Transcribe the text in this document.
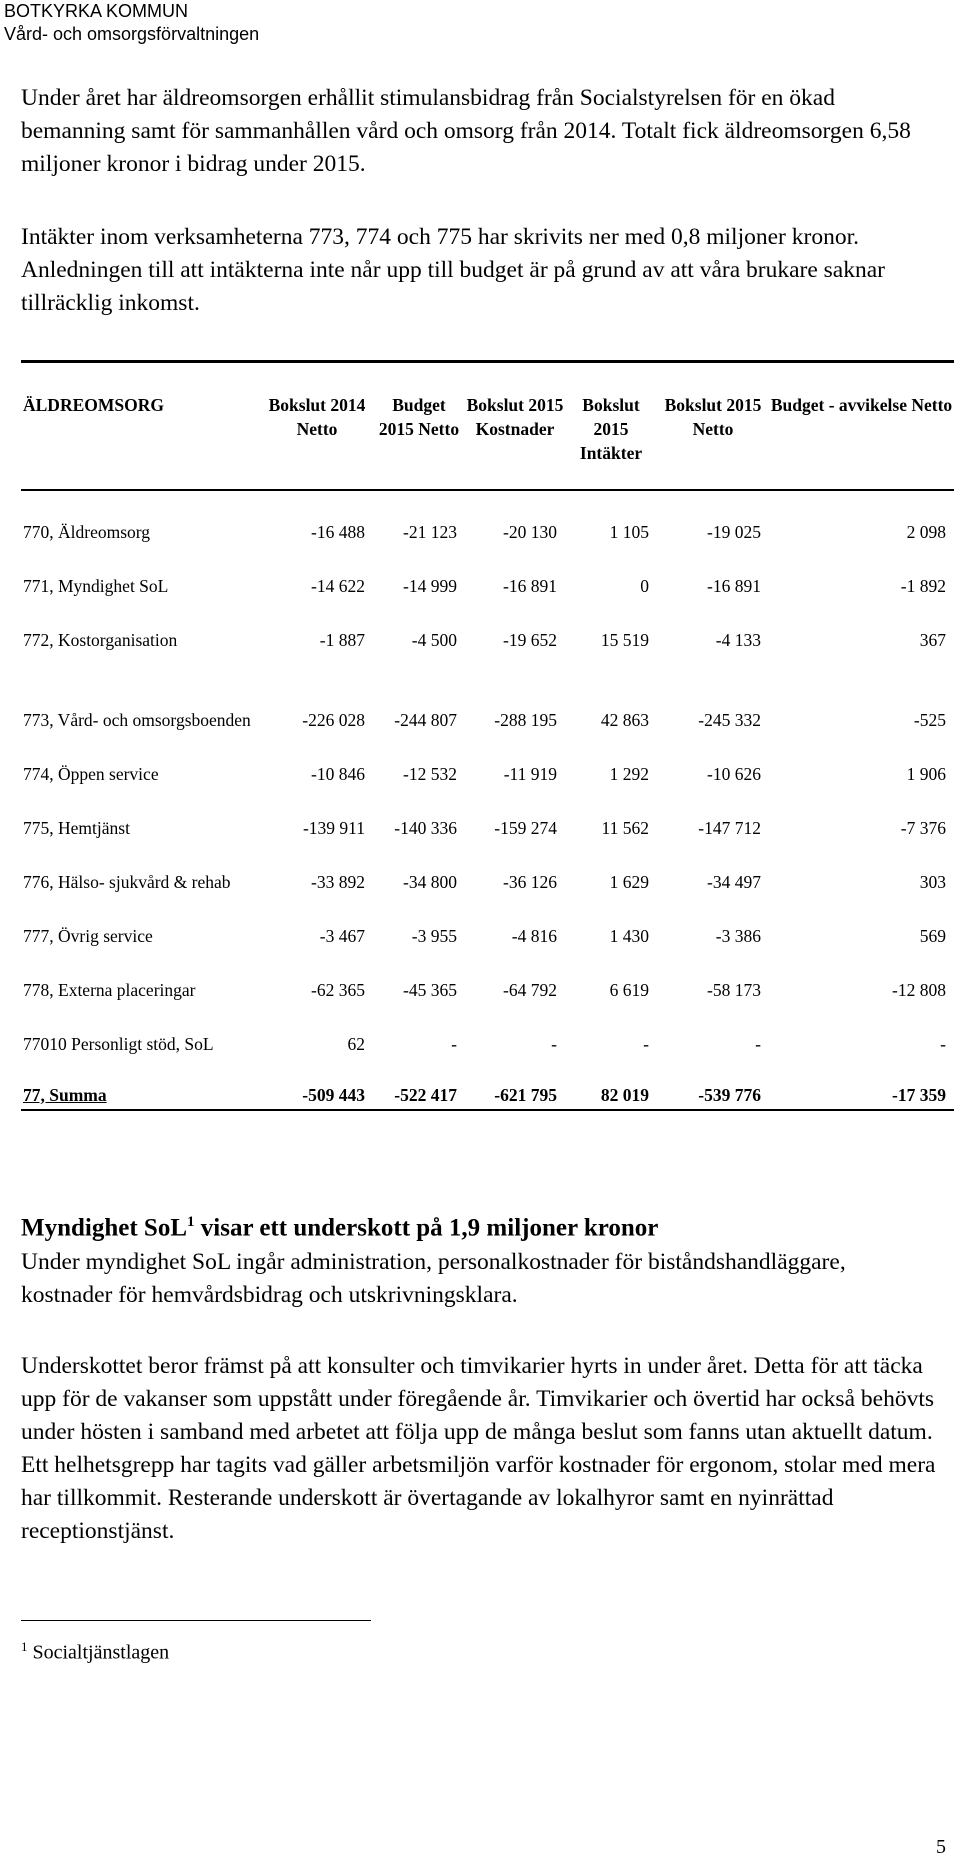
BOTKYRKA KOMMUN
Vård- och omsorgsförvaltningen

Under året har äldreomsorgen erhållit stimulansbidrag från Socialstyrelsen för en ökad bemanning samt för sammanhållen vård och omsorg från 2014. Totalt fick äldreomsorgen 6,58 miljoner kronor i bidrag under 2015.

Intäkter inom verksamheterna 773, 774 och 775 har skrivits ner med 0,8 miljoner kronor. Anledningen till att intäkterna inte når upp till budget är på grund av att våra brukare saknar tillräcklig inkomst.

ÄLDREOMSORG	Bokslut 2014 Netto	Budget 2015 Netto	Bokslut 2015 Kostnader	Bokslut 2015 Intäkter	Bokslut 2015 Netto	Budget - avvikelse Netto
770, Äldreomsorg	-16 488	-21 123	-20 130	1 105	-19 025	2 098
771, Myndighet SoL	-14 622	-14 999	-16 891	0	-16 891	-1 892
772, Kostorganisation	-1 887	-4 500	-19 652	15 519	-4 133	367
773, Vård- och omsorgsboenden	-226 028	-244 807	-288 195	42 863	-245 332	-525
774, Öppen service	-10 846	-12 532	-11 919	1 292	-10 626	1 906
775, Hemtjänst	-139 911	-140 336	-159 274	11 562	-147 712	-7 376
776, Hälso- sjukvård & rehab	-33 892	-34 800	-36 126	1 629	-34 497	303
777, Övrig service	-3 467	-3 955	-4 816	1 430	-3 386	569
778, Externa placeringar	-62 365	-45 365	-64 792	6 619	-58 173	-12 808
77010 Personligt stöd, SoL	62	-	-	-	-	-
77, Summa	-509 443	-522 417	-621 795	82 019	-539 776	-17 359
Myndighet SoL$^1$ visar ett underskott på 1,9 miljoner kronor

Under myndighet SoL ingår administration, personalkostnader för biståndshandläggare, kostnader för hemvårdsbidrag och utskrivningsklara.

Underskottet beror främst på att konsulter och timvikarier hyrts in under året. Detta för att täcka upp för de vakanser som uppstått under föregående år. Timvikarier och övertid har också behövts under hösten i samband med arbetet att följa upp de många beslut som fanns utan aktuellt datum. Ett helhetsgrepp har tagits vad gäller arbetsmiljön varför kostnader för ergonom, stolar med mera har tillkommit. Resterande underskott är övertagande av lokalhyror samt en nyinrättad receptionstjänst.

$^1$ Socialtjänstlagen
5
